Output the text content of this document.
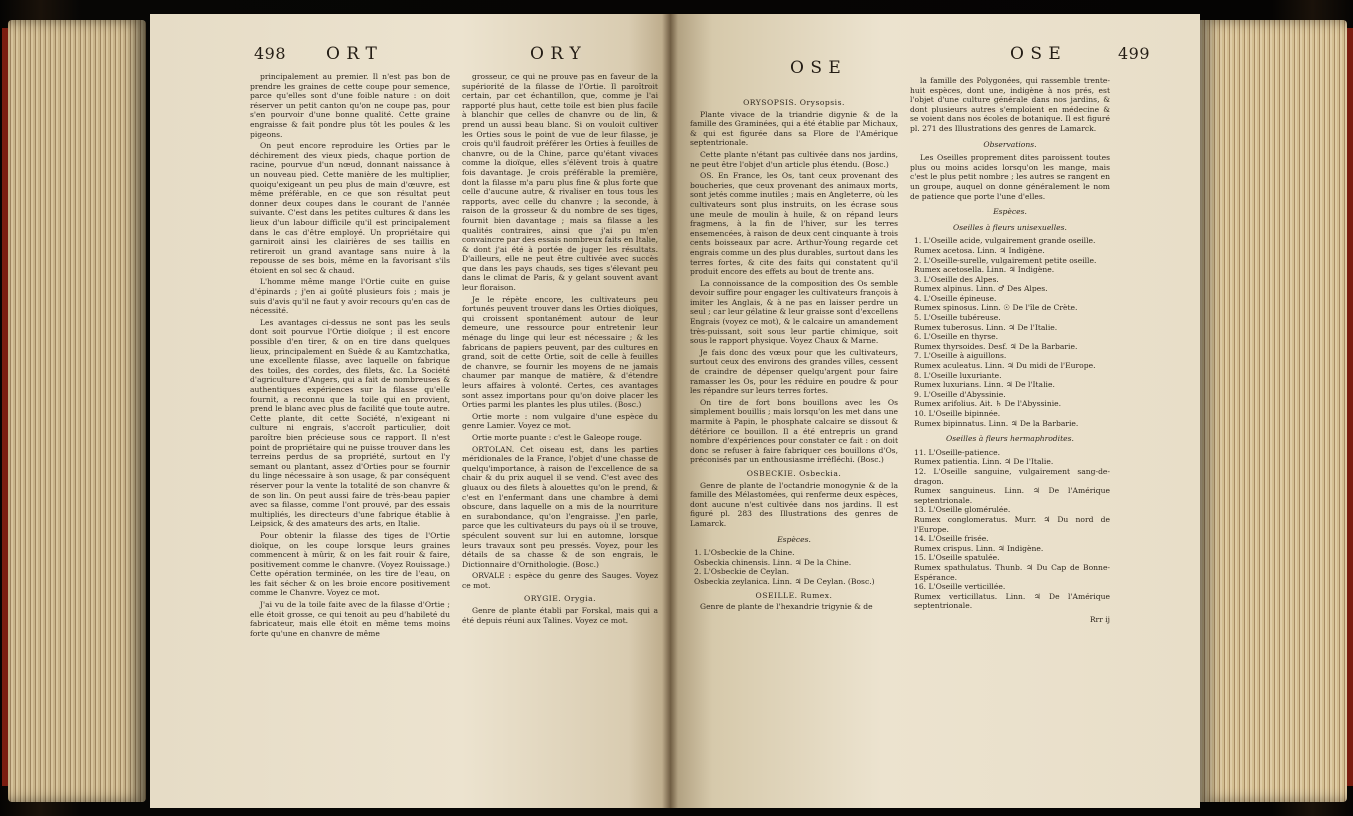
498 O R T	O R Y

principalement au premier. Il n'est pas bon de prendre les graines de cette coupe pour semence, parce qu'elles sont d'une foible nature : on doit réserver un petit canton qu'on ne coupe pas, pour s'en pourvoir d'une bonne qualité. Cette graine engraisse & fait pondre plus tôt les poules & les pigeons.

On peut encore reproduire les Orties par le déchirement des vieux pieds, chaque portion de racine, pourvue d'un nœud, donnant naissance à un nouveau pied. Cette manière de les multiplier, quoiqu'exigeant un peu plus de main d'œuvre, est même préférable, en ce que son résultat peut donner deux coupes dans le courant de l'année suivante. C'est dans les petites cultures & dans les lieux d'un labour difficile qu'il est principalement dans le cas d'être employé. Un propriétaire qui garniroit ainsi les clairières de ses taillis en retireroit un grand avantage sans nuire à la repousse de ses bois, même en la favorisant s'ils étoient en sol sec & chaud.

L'homme même mange l'Ortie cuite en guise d'épinards ; j'en ai goûté plusieurs fois ; mais je suis d'avis qu'il ne faut y avoir recours qu'en cas de nécessité.

Les avantages ci-dessus ne sont pas les seuls dont soit pourvue l'Ortie dioïque ; il est encore possible d'en tirer, & on en tire dans quelques lieux, principalement en Suède & au Kamtzchatka, une excellente filasse, avec laquelle on fabrique des toiles, des cordes, des filets, &c. La Société d'agriculture d'Angers, qui a fait de nombreuses & authentiques expériences sur la filasse qu'elle fournit, a reconnu que la toile qui en provient, prend le blanc avec plus de facilité que toute autre. Cette plante, dit cette Société, n'exigeant ni culture ni engrais, s'accroît particulier, doit paroître bien précieuse sous ce rapport. Il n'est point de propriétaire qui ne puisse trouver dans les terreins perdus de sa propriété, surtout en l'y semant ou plantant, assez d'Orties pour se fournir du linge nécessaire à son usage, & par conséquent réserver pour la vente la totalité de son chanvre & de son lin. On peut aussi faire de très-beau papier avec sa filasse, comme l'ont prouvé, par des essais multipliés, les directeurs d'une fabrique établie à Leipsick, & des amateurs des arts, en Italie.

Pour obtenir la filasse des tiges de l'Ortie dioïque, on les coupe lorsque leurs graines commencent à mûrir, & on les fait rouir & faire, positivement comme le chanvre. (Voyez Rouissage.) Cette opération terminée, on les tire de l'eau, on les fait sécher & on les broie encore positivement comme le Chanvre. Voyez ce mot.

J'ai vu de la toile faite avec de la filasse d'Ortie ; elle étoit grosse, ce qui tenoit au peu d'habileté du fabricateur, mais elle étoit en même tems moins forte qu'une en chanvre de même

grosseur, ce qui ne prouve pas en faveur de la supériorité de la filasse de l'Ortie. Il paroîtroit certain, par cet échantillon, que, comme je l'ai rapporté plus haut, cette toile est bien plus facile à blanchir que celles de chanvre ou de lin, & prend un aussi beau blanc. Si on vouloit cultiver les Orties sous le point de vue de leur filasse, je crois qu'il faudroit préférer les Orties à feuilles de chanvre, ou de la Chine, parce qu'étant vivaces comme la dioïque, elles s'élèvent trois à quatre fois davantage. Je crois préférable la première, dont la filasse m'a paru plus fine & plus forte que celle d'aucune autre, & rivaliser en tous tous les rapports, avec celle du chanvre ; la seconde, à raison de la grosseur & du nombre de ses tiges, fournit bien davantage ; mais sa filasse a les qualités contraires, ainsi que j'ai pu m'en convaincre par des essais nombreux faits en Italie, & dont j'ai été à portée de juger les résultats. D'ailleurs, elle ne peut être cultivée avec succès que dans les pays chauds, ses tiges s'élevant peu dans le climat de Paris, & y gelant souvent avant leur floraison.

Je le répète encore, les cultivateurs peu fortunés peuvent trouver dans les Orties dioïques, qui croissent spontanément autour de leur demeure, une ressource pour entretenir leur ménage du linge qui leur est nécessaire ; & les fabricans de papiers peuvent, par des cultures en grand, soit de cette Ortie, soit de celle à feuilles de chanvre, se fournir les moyens de ne jamais chaumer par manque de matière, & d'étendre leurs affaires à volonté. Certes, ces avantages sont assez importans pour qu'on doive placer les Orties parmi les plantes les plus utiles. (Bosc.)

Ortie morte : nom vulgaire d'une espèce du genre Lamier. Voyez ce mot.

Ortie morte puante : c'est le Galeope rouge.

ORTOLAN. Cet oiseau est, dans les parties méridionales de la France, l'objet d'une chasse de quelqu'importance, à raison de l'excellence de sa chair & du prix auquel il se vend. C'est avec des gluaux ou des filets à alouettes qu'on le prend, & c'est en l'enfermant dans une chambre à demi obscure, dans laquelle on a mis de la nourriture en surabondance, qu'on l'engraisse. J'en parle, parce que les cultivateurs du pays où il se trouve, spéculent souvent sur lui en automne, lorsque leurs travaux sont peu pressés. Voyez, pour les détails de sa chasse & de son engrais, le Dictionnaire d'Ornithologie. (Bosc.)

ORVALE : espèce du genre des Sauges. Voyez ce mot.

ORYGIE. Orygia.

Genre de plante établi par Forskal, mais qui a été depuis réuni aux Talines. Voyez ce mot.

O S E
O S E	499

ORYSOPSIS. Orysopsis.

Plante vivace de la triandrie digynie & de la famille des Graminées, qui a été établie par Michaux, & qui est figurée dans sa Flore de l'Amérique septentrionale.

Cette plante n'étant pas cultivée dans nos jardins, ne peut être l'objet d'un article plus étendu. (Bosc.)

OS. En France, les Os, tant ceux provenant des boucheries, que ceux provenant des animaux morts, sont jetés comme inutiles ; mais en Angleterre, où les cultivateurs sont plus instruits, on les écrase sous une meule de moulin à huile, & on répand leurs fragmens, à la fin de l'hiver, sur les terres ensemencées, à raison de deux cent cinquante à trois cents boisseaux par acre. Arthur-Young regarde cet engrais comme un des plus durables, surtout dans les terres fortes, & cite des faits qui constatent qu'il produit encore des effets au bout de trente ans.

La connoissance de la composition des Os semble devoir suffire pour engager les cultivateurs françois à imiter les Anglais, & à ne pas en laisser perdre un seul ; car leur gélatine & leur graisse sont d'excellens Engrais (voyez ce mot), & le calcaire un amandement très-puissant, soit sous leur partie chimique, soit sous le rapport physique. Voyez Chaux & Marne.

Je fais donc des vœux pour que les cultivateurs, surtout ceux des environs des grandes villes, cessent de craindre de dépenser quelqu'argent pour faire ramasser les Os, pour les réduire en poudre & pour les répandre sur leurs terres fortes.

On tire de fort bons bouillons avec les Os simplement bouillis ; mais lorsqu'on les met dans une marmite à Papin, le phosphate calcaire se dissout & détériore ce bouillon. Il a été entrepris un grand nombre d'expériences pour constater ce fait : on doit donc se refuser à faire fabriquer ces bouillons d'Os, préconisés par un enthousiasme irréfléchi. (Bosc.)

OSBECKIE. Osbeckia.

Genre de plante de l'octandrie monogynie & de la famille des Mélastomées, qui renferme deux espèces, dont aucune n'est cultivée dans nos jardins. Il est figuré pl. 283 des Illustrations des genres de Lamarck.

Espèces.

1. L'Osbeckie de la Chine.

Osbeckia chinensis. Linn. ♃ De la Chine.

2. L'Osbeckie de Ceylan.

Osbeckia zeylanica. Linn. ♃ De Ceylan. (Bosc.)

OSEILLE. Rumex.

Genre de plante de l'hexandrie trigynie & de

la famille des Polygonées, qui rassemble trente-huit espèces, dont une, indigène à nos prés, est l'objet d'une culture générale dans nos jardins, & dont plusieurs autres s'emploient en médecine & se voient dans nos écoles de botanique. Il est figuré pl. 271 des Illustrations des genres de Lamarck.

Observations.

Les Oseilles proprement dites paroissent toutes plus ou moins acides lorsqu'on les mange, mais c'est le plus petit nombre ; les autres se rangent en un groupe, auquel on donne généralement le nom de patience que porte l'une d'elles.

Espèces.

Oseilles à fleurs unisexuelles.

1. L'Oseille acide, vulgairement grande oseille.

Rumex acetosa. Linn. ♃ Indigène.

2. L'Oseille-surelle, vulgairement petite oseille.

Rumex acetosella. Linn. ♃ Indigène.

3. L'Oseille des Alpes.

Rumex alpinus. Linn. ♂ Des Alpes.

4. L'Oseille épineuse.

Rumex spinosus. Linn. ☉ De l'île de Crète.

5. L'Oseille tubéreuse.

Rumex tuberosus. Linn. ♃ De l'Italie.

6. L'Oseille en thyrse.

Rumex thyrsoides. Desf. ♃ De la Barbarie.

7. L'Oseille à aiguillons.

Rumex aculeatus. Linn. ♃ Du midi de l'Europe.

8. L'Oseille luxuriante.

Rumex luxurians. Linn. ♃ De l'Italie.

9. L'Oseille d'Abyssinie.

Rumex arifolius. Ait. ♄ De l'Abyssinie.

10. L'Oseille bipinnée.

Rumex bipinnatus. Linn. ♃ De la Barbarie.

Oseilles à fleurs hermaphrodites.

11. L'Oseille-patience.

Rumex patientia. Linn. ♃ De l'Italie.

12. L'Oseille sanguine, vulgairement sang-de-dragon.

Rumex sanguineus. Linn. ♃ De l'Amérique septentrionale.

13. L'Oseille glomérulée.

Rumex conglomeratus. Murr. ♃ Du nord de l'Europe.

14. L'Oseille frisée.

Rumex crispus. Linn. ♃ Indigène.

15. L'Oseille spatulée.

Rumex spathulatus. Thunb. ♃ Du Cap de Bonne-Espérance.

16. L'Oseille verticillée.

Rumex verticillatus. Linn. ♃ De l'Amérique septentrionale.

Rrr ij
